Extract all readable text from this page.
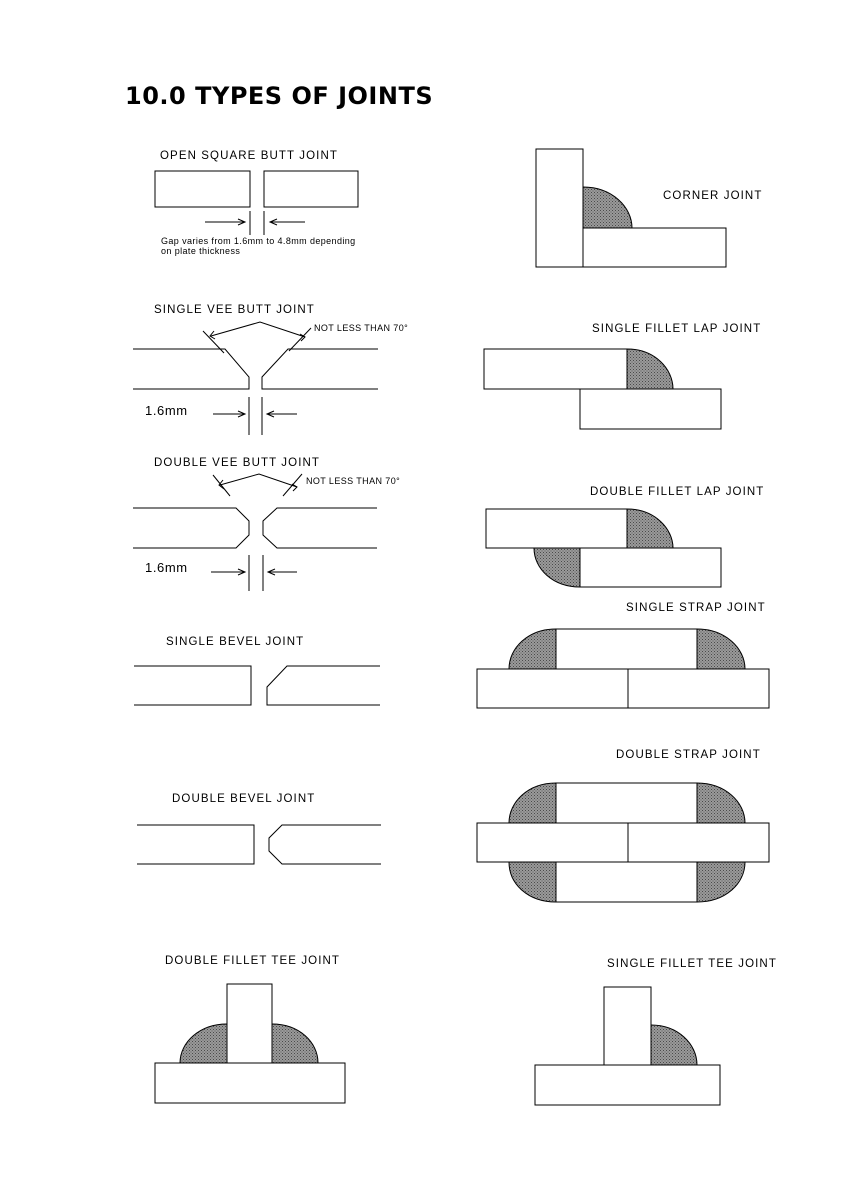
10.0 TYPES OF JOINTS
OPEN SQUARE BUTT JOINT
Gap varies from 1.6mm to 4.8mm depending
on plate thickness
CORNER JOINT
SINGLE VEE BUTT JOINT
NOT LESS THAN 70°
1.6mm
SINGLE FILLET LAP JOINT
DOUBLE VEE BUTT JOINT
NOT LESS THAN 70°
1.6mm
DOUBLE FILLET LAP JOINT
SINGLE STRAP JOINT
SINGLE BEVEL JOINT
DOUBLE STRAP JOINT
DOUBLE BEVEL JOINT
DOUBLE FILLET TEE JOINT	SINGLE FILLET TEE JOINT
